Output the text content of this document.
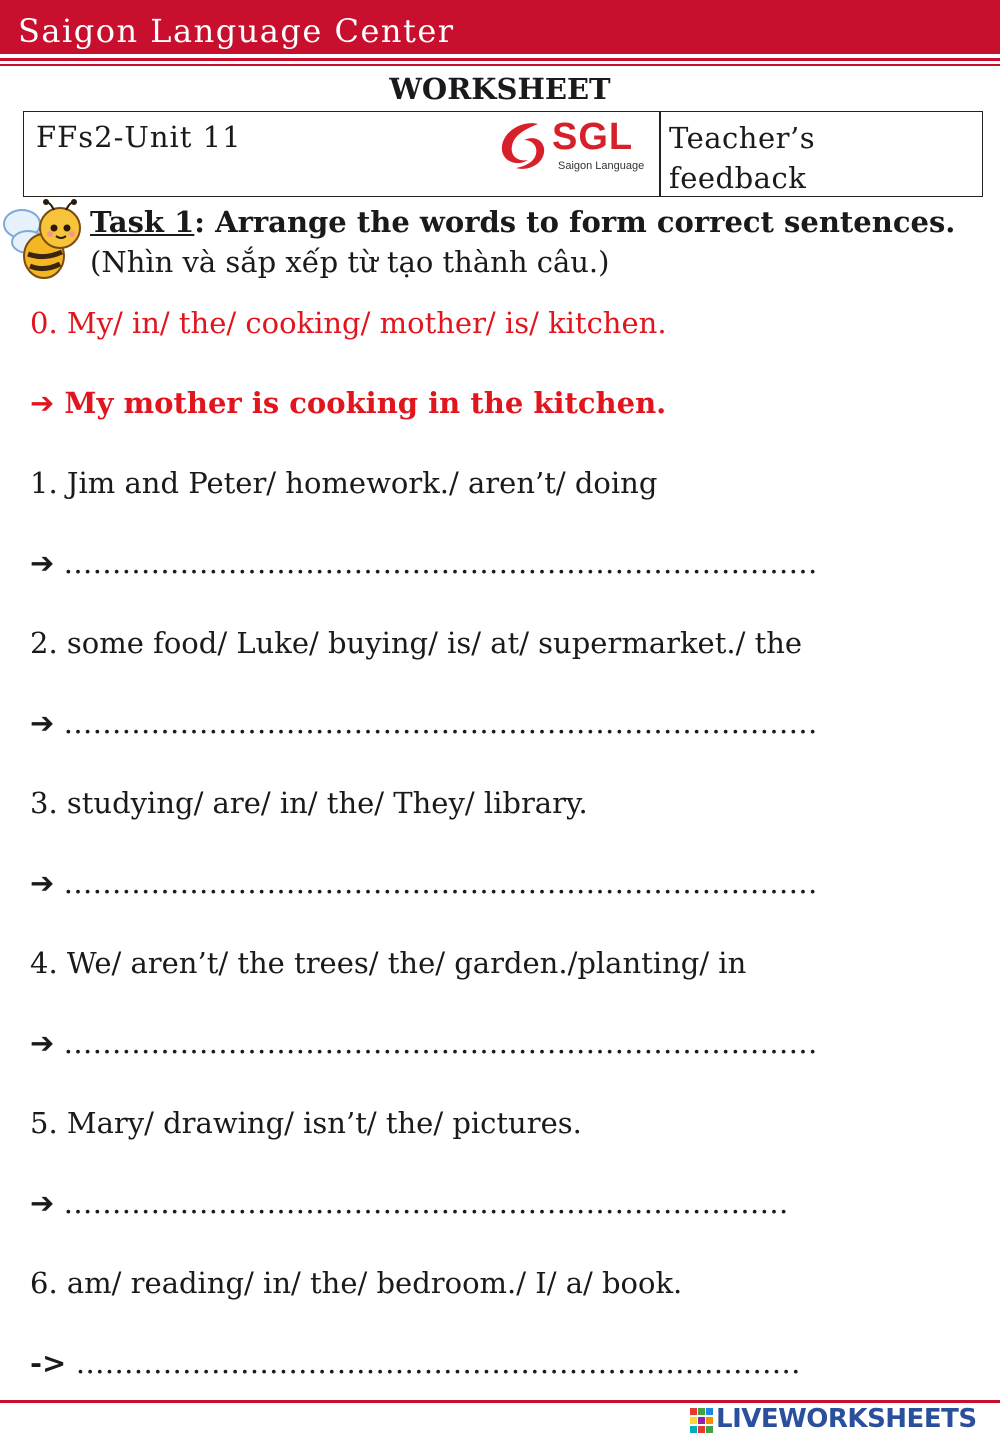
Saigon Language Center
WORKSHEET
FFs2-Unit 11	SGL
Saigon Language
Teacher’s
feedback
Task 1: Arrange the words to form correct sentences. (Nhìn và sắp xếp từ tạo thành câu.)
0. My/ in/ the/ cooking/ mother/ is/ kitchen.
➔ My mother is cooking in the kitchen.
1. Jim and Peter/ homework./ aren’t/ doing
➔ ……………………………………………………………………
2. some food/ Luke/ buying/ is/ at/ supermarket./ the
➔ ……………………………………………………………………
3. studying/ are/ in/ the/ They/ library.
➔ ……………………………………………………………………
4. We/ aren’t/ the trees/ the/ garden./planting/ in
➔ ……………………………………………………………………
5. Mary/ drawing/ isn’t/ the/ pictures.
➔ …………………………………………………………………
6. am/ reading/ in/ the/ bedroom./ I/ a/ book.
-> …………………………………………………………………
LIVEWORKSHEETS
